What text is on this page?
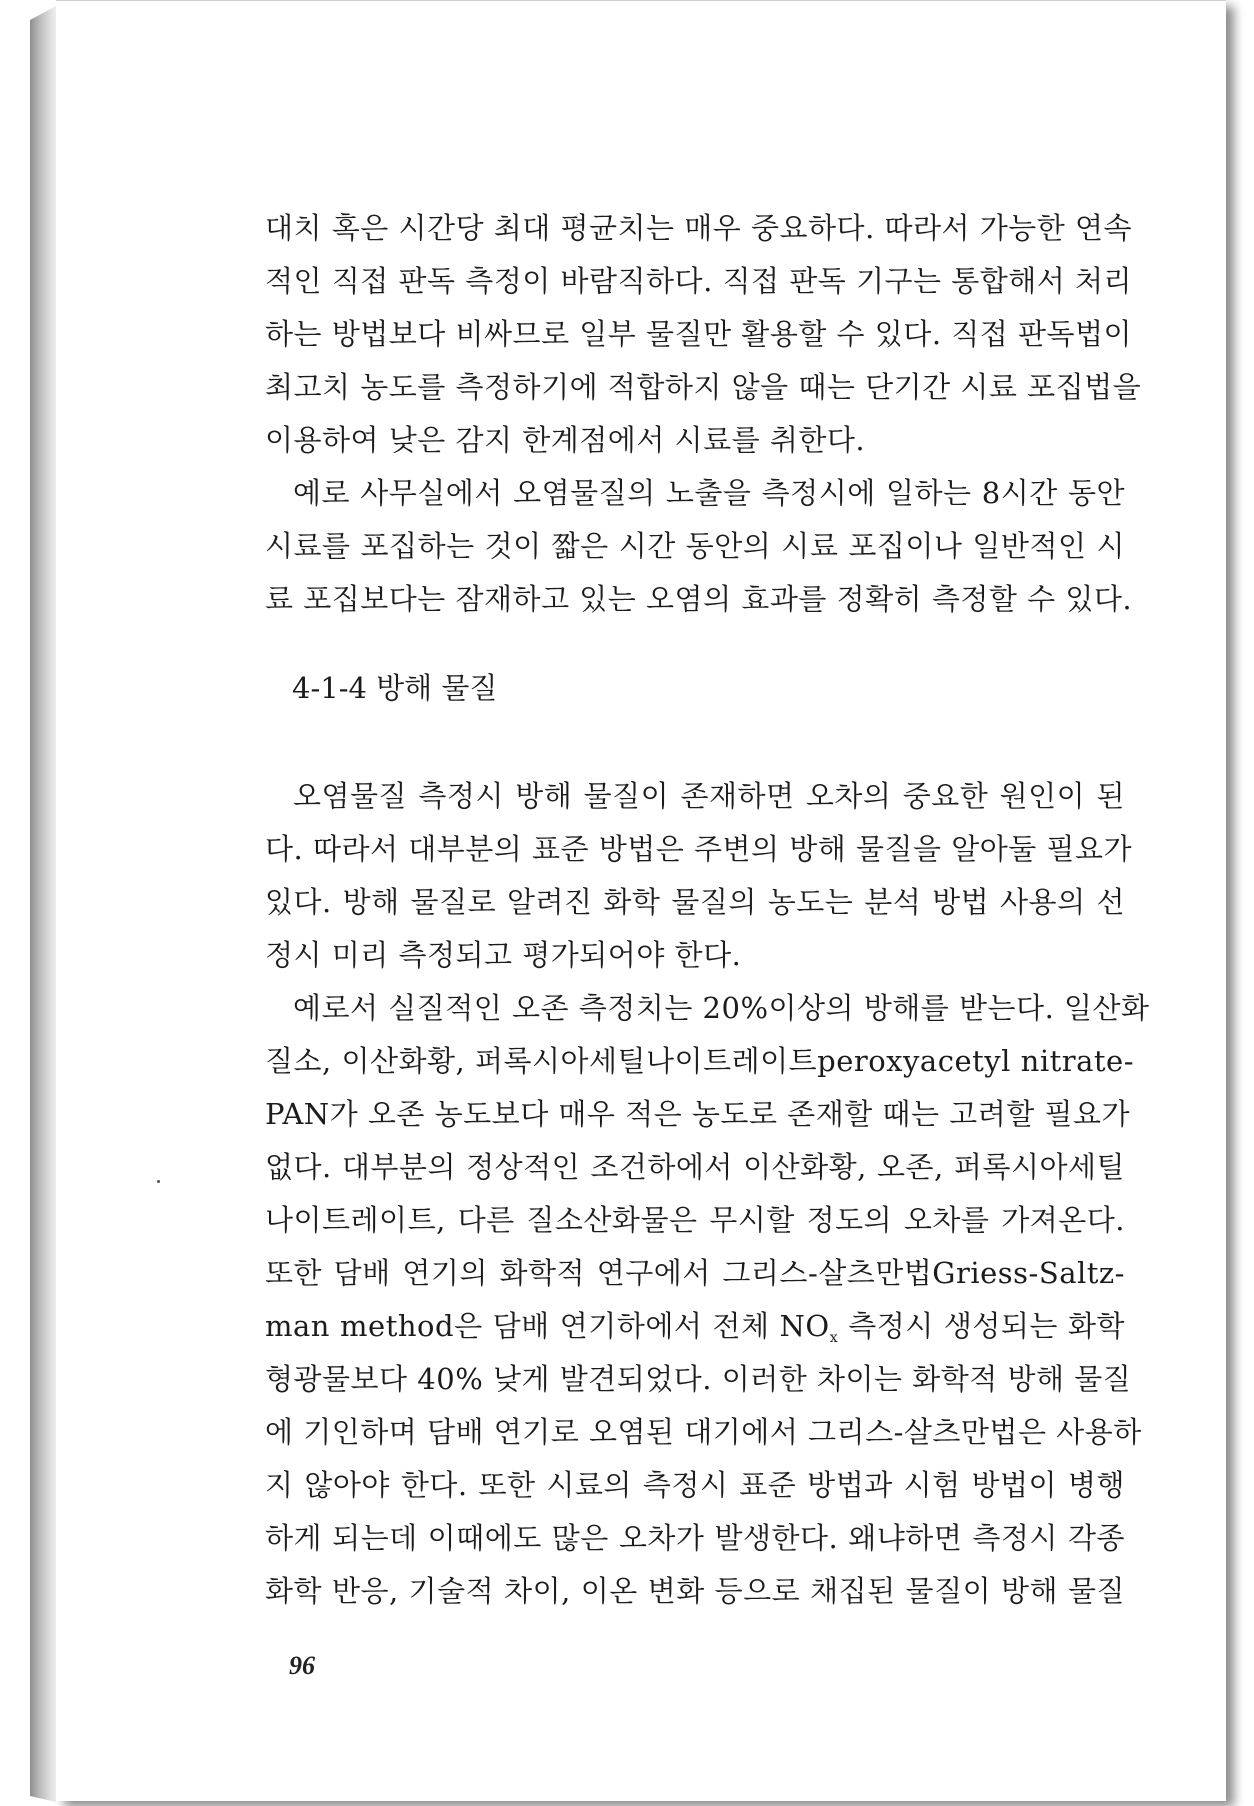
대치 혹은 시간당 최대 평균치는 매우 중요하다. 따라서 가능한 연속
적인 직접 판독 측정이 바람직하다. 직접 판독 기구는 통합해서 처리
하는 방법보다 비싸므로 일부 물질만 활용할 수 있다. 직접 판독법이
최고치 농도를 측정하기에 적합하지 않을 때는 단기간 시료 포집법을
이용하여 낮은 감지 한계점에서 시료를 취한다.
예로 사무실에서 오염물질의 노출을 측정시에 일하는 8시간 동안
시료를 포집하는 것이 짧은 시간 동안의 시료 포집이나 일반적인 시
료 포집보다는 잠재하고 있는 오염의 효과를 정확히 측정할 수 있다.
4-1-4 방해 물질
오염물질 측정시 방해 물질이 존재하면 오차의 중요한 원인이 된
다. 따라서 대부분의 표준 방법은 주변의 방해 물질을 알아둘 필요가
있다. 방해 물질로 알려진 화학 물질의 농도는 분석 방법 사용의 선
정시 미리 측정되고 평가되어야 한다.
예로서 실질적인 오존 측정치는 20%이상의 방해를 받는다. 일산화
질소, 이산화황, 퍼록시아세틸나이트레이트peroxyacetyl nitrate-
PAN가 오존 농도보다 매우 적은 농도로 존재할 때는 고려할 필요가
없다. 대부분의 정상적인 조건하에서 이산화황, 오존, 퍼록시아세틸
나이트레이트, 다른 질소산화물은 무시할 정도의 오차를 가져온다.
또한 담배 연기의 화학적 연구에서 그리스-살츠만법Griess-Saltz-
man method은 담배 연기하에서 전체 $NO_x$ 측정시 생성되는 화학
형광물보다 40% 낮게 발견되었다. 이러한 차이는 화학적 방해 물질
에 기인하며 담배 연기로 오염된 대기에서 그리스-살츠만법은 사용하
지 않아야 한다. 또한 시료의 측정시 표준 방법과 시험 방법이 병행
하게 되는데 이때에도 많은 오차가 발생한다. 왜냐하면 측정시 각종
화학 반응, 기술적 차이, 이온 변화 등으로 채집된 물질이 방해 물질
96
